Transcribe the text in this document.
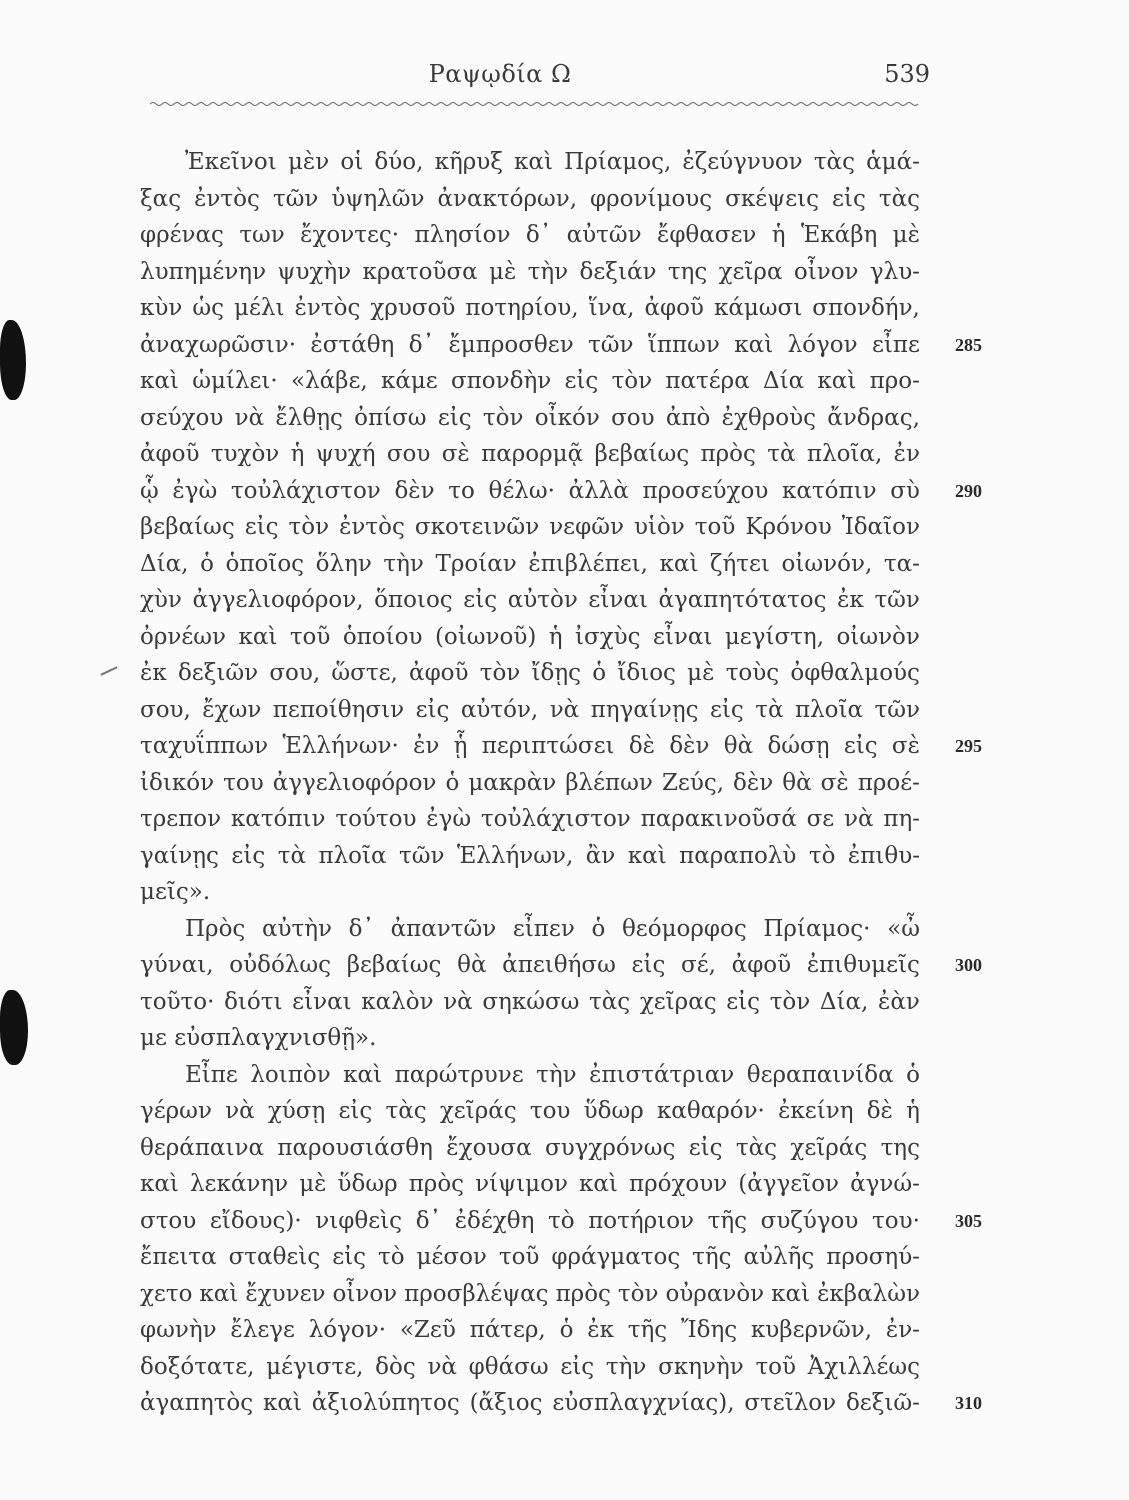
Ραψῳδία Ω	539
Ἐκεῖνοι μὲν οἱ δύο, κῆρυξ καὶ Πρίαμος, ἐζεύγνυον τὰς ἁμά-
ξας ἐντὸς τῶν ὑψηλῶν ἀνακτόρων, φρονίμους σκέψεις εἰς τὰς
φρένας των ἔχοντες· πλησίον δ᾿ αὐτῶν ἔφθασεν ἡ Ἑκάβη μὲ
λυπημένην ψυχὴν κρατοῦσα μὲ τὴν δεξιάν της χεῖρα οἶνον γλυ-
κὺν ὡς μέλι ἐντὸς χρυσοῦ ποτηρίου, ἵνα, ἀφοῦ κάμωσι σπονδήν,
ἀναχωρῶσιν· ἐστάθη δ᾿ ἔμπροσθεν τῶν ἵππων καὶ λόγον εἶπε
καὶ ὡμίλει· «λάβε, κάμε σπονδὴν εἰς τὸν πατέρα Δία καὶ προ-
σεύχου νὰ ἔλθῃς ὀπίσω εἰς τὸν οἶκόν σου ἀπὸ ἐχθροὺς ἄνδρας,
ἀφοῦ τυχὸν ἡ ψυχή σου σὲ παρορμᾷ βεβαίως πρὸς τὰ πλοῖα, ἐν
ᾧ ἐγὼ τοὐλάχιστον δὲν το θέλω· ἀλλὰ προσεύχου κατόπιν σὺ
βεβαίως εἰς τὸν ἐντὸς σκοτεινῶν νεφῶν υἱὸν τοῦ Κρόνου Ἰδαῖον
Δία, ὁ ὁποῖος ὅλην τὴν Τροίαν ἐπιβλέπει, καὶ ζήτει οἰωνόν, τα-
χὺν ἀγγελιοφόρον, ὅποιος εἰς αὐτὸν εἶναι ἀγαπητότατος ἐκ τῶν
ὀρνέων καὶ τοῦ ὁποίου (οἰωνοῦ) ἡ ἰσχὺς εἶναι μεγίστη, οἰωνὸν
ἐκ δεξιῶν σου, ὥστε, ἀφοῦ τὸν ἴδῃς ὁ ἴδιος μὲ τοὺς ὀφθαλμούς
σου, ἔχων πεποίθησιν εἰς αὐτόν, νὰ πηγαίνῃς εἰς τὰ πλοῖα τῶν
ταχυΐππων Ἑλλήνων· ἐν ᾗ περιπτώσει δὲ δὲν θὰ δώσῃ εἰς σὲ
ἰδικόν του ἀγγελιοφόρον ὁ μακρὰν βλέπων Ζεύς, δὲν θὰ σὲ προέ-
τρεπον κατόπιν τούτου ἐγὼ τοὐλάχιστον παρακινοῦσά σε νὰ πη-
γαίνῃς εἰς τὰ πλοῖα τῶν Ἑλλήνων, ἂν καὶ παραπολὺ τὸ ἐπιθυ-
μεῖς».
Πρὸς αὐτὴν δ᾿ ἀπαντῶν εἶπεν ὁ θεόμορφος Πρίαμος· «ὦ
γύναι, οὐδόλως βεβαίως θὰ ἀπειθήσω εἰς σέ, ἀφοῦ ἐπιθυμεῖς
τοῦτο· διότι εἶναι καλὸν νὰ σηκώσω τὰς χεῖρας εἰς τὸν Δία, ἐὰν
με εὐσπλαγχνισθῇ».
Εἶπε λοιπὸν καὶ παρώτρυνε τὴν ἐπιστάτριαν θεραπαινίδα ὁ
γέρων νὰ χύσῃ εἰς τὰς χεῖράς του ὕδωρ καθαρόν· ἐκείνη δὲ ἡ
θεράπαινα παρουσιάσθη ἔχουσα συγχρόνως εἰς τὰς χεῖράς της
καὶ λεκάνην μὲ ὕδωρ πρὸς νίψιμον καὶ πρόχουν (ἀγγεῖον ἀγνώ-
στου εἴδους)· νιφθεὶς δ᾿ ἐδέχθη τὸ ποτήριον τῆς συζύγου του·
ἔπειτα σταθεὶς εἰς τὸ μέσον τοῦ φράγματος τῆς αὐλῆς προσηύ-
χετο καὶ ἔχυνεν οἶνον προσβλέψας πρὸς τὸν οὐρανὸν καὶ ἐκβαλὼν
φωνὴν ἔλεγε λόγον· «Ζεῦ πάτερ, ὁ ἐκ τῆς Ἴδης κυβερνῶν, ἐν-
δοξότατε, μέγιστε, δὸς νὰ φθάσω εἰς τὴν σκηνὴν τοῦ Ἀχιλλέως
ἀγαπητὸς καὶ ἀξιολύπητος (ἄξιος εὐσπλαγχνίας), στεῖλον δεξιῶ-
285
290
295
300
305
310
